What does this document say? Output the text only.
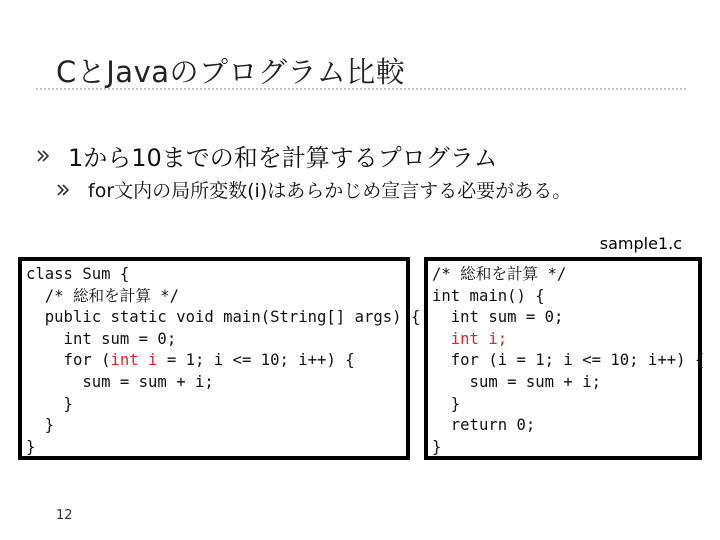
CとJavaのプログラム比較
1から10までの和を計算するプログラム
for文内の局所変数(i)はあらかじめ宣言する必要がある。
sample1.c
class Sum {
/* 総和を計算 */
public static void main(String[] args) {
int sum = 0;
for (int i = 1; i <= 10; i++) {
sum = sum + i;
}
}
}
/* 総和を計算 */
int main() {
int sum = 0;
int i;
for (i = 1; i <= 10; i++) {
sum = sum + i;
}
return 0;
}
12
